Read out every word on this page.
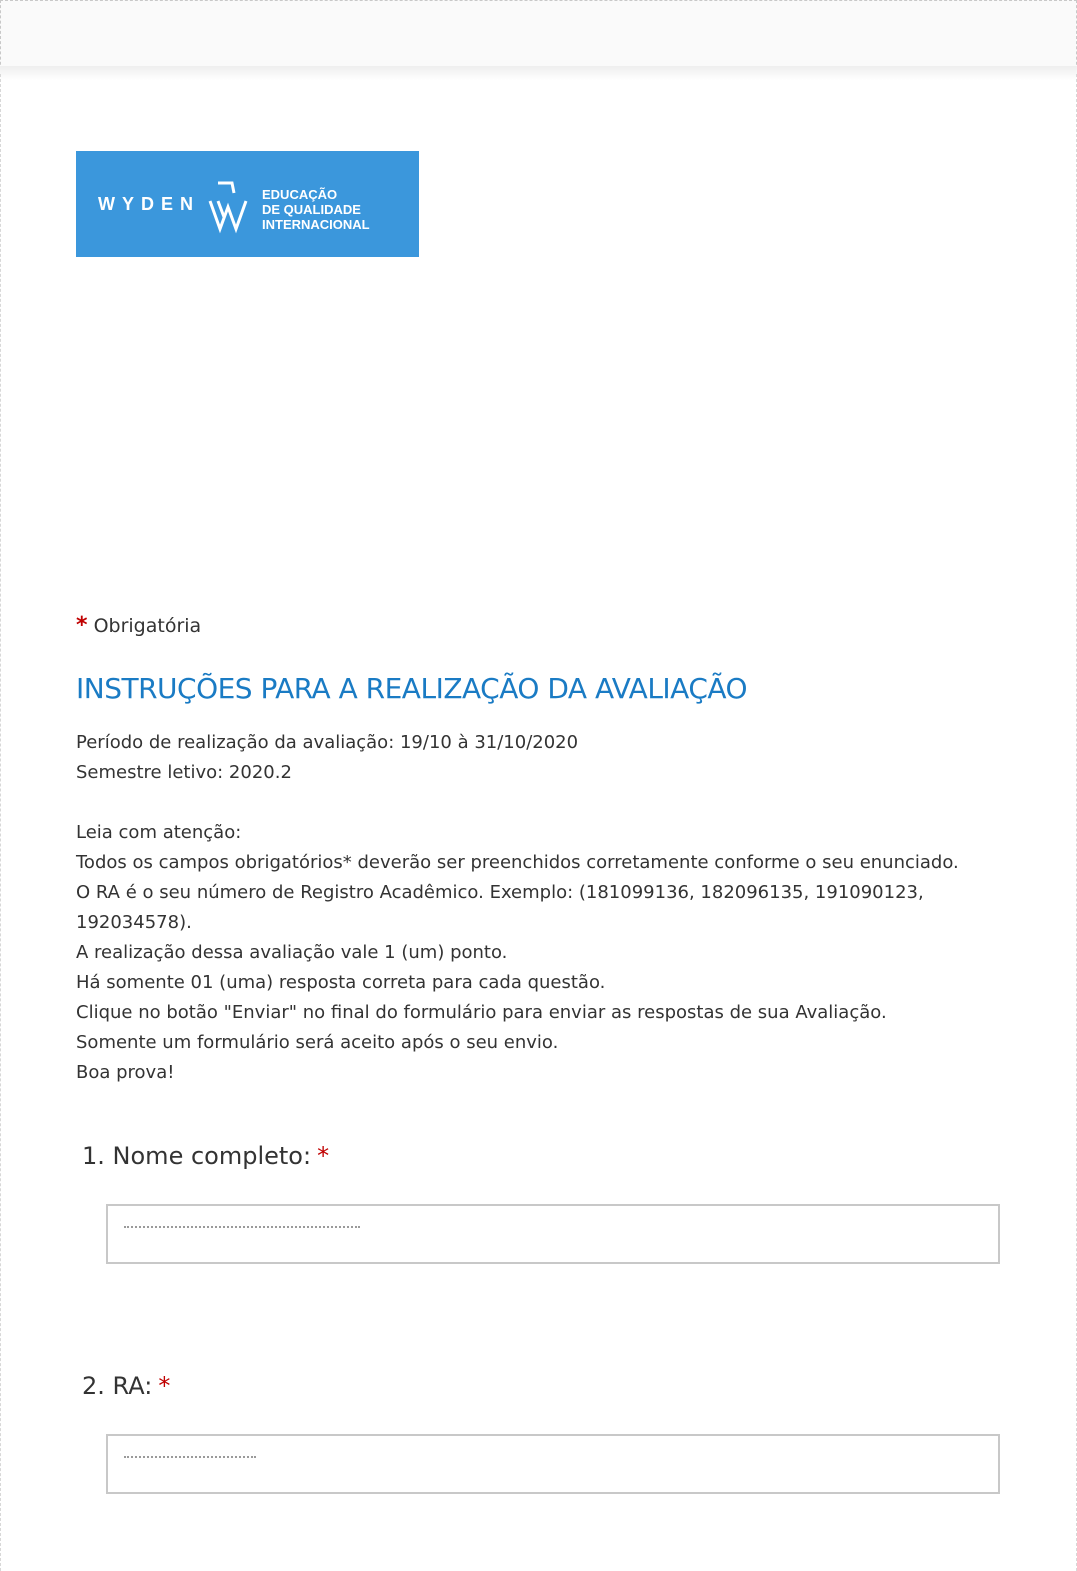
WYDEN	EDUCAÇÃO
DE QUALIDADE
INTERNACIONAL
* Obrigatória
INSTRUÇÕES PARA A REALIZAÇÃO DA AVALIAÇÃO
Período de realização da avaliação: 19/10 à 31/10/2020
Semestre letivo: 2020.2
Leia com atenção:
Todos os campos obrigatórios* deverão ser preenchidos corretamente conforme o seu enunciado.
O RA é o seu número de Registro Acadêmico. Exemplo: (181099136, 182096135, 191090123,
192034578).
A realização dessa avaliação vale 1 (um) ponto.
Há somente 01 (uma) resposta correta para cada questão.
Clique no botão "Enviar" no final do formulário para enviar as respostas de sua Avaliação.
Somente um formulário será aceito após o seu envio.
Boa prova!
1. Nome completo: *
2. RA: *
